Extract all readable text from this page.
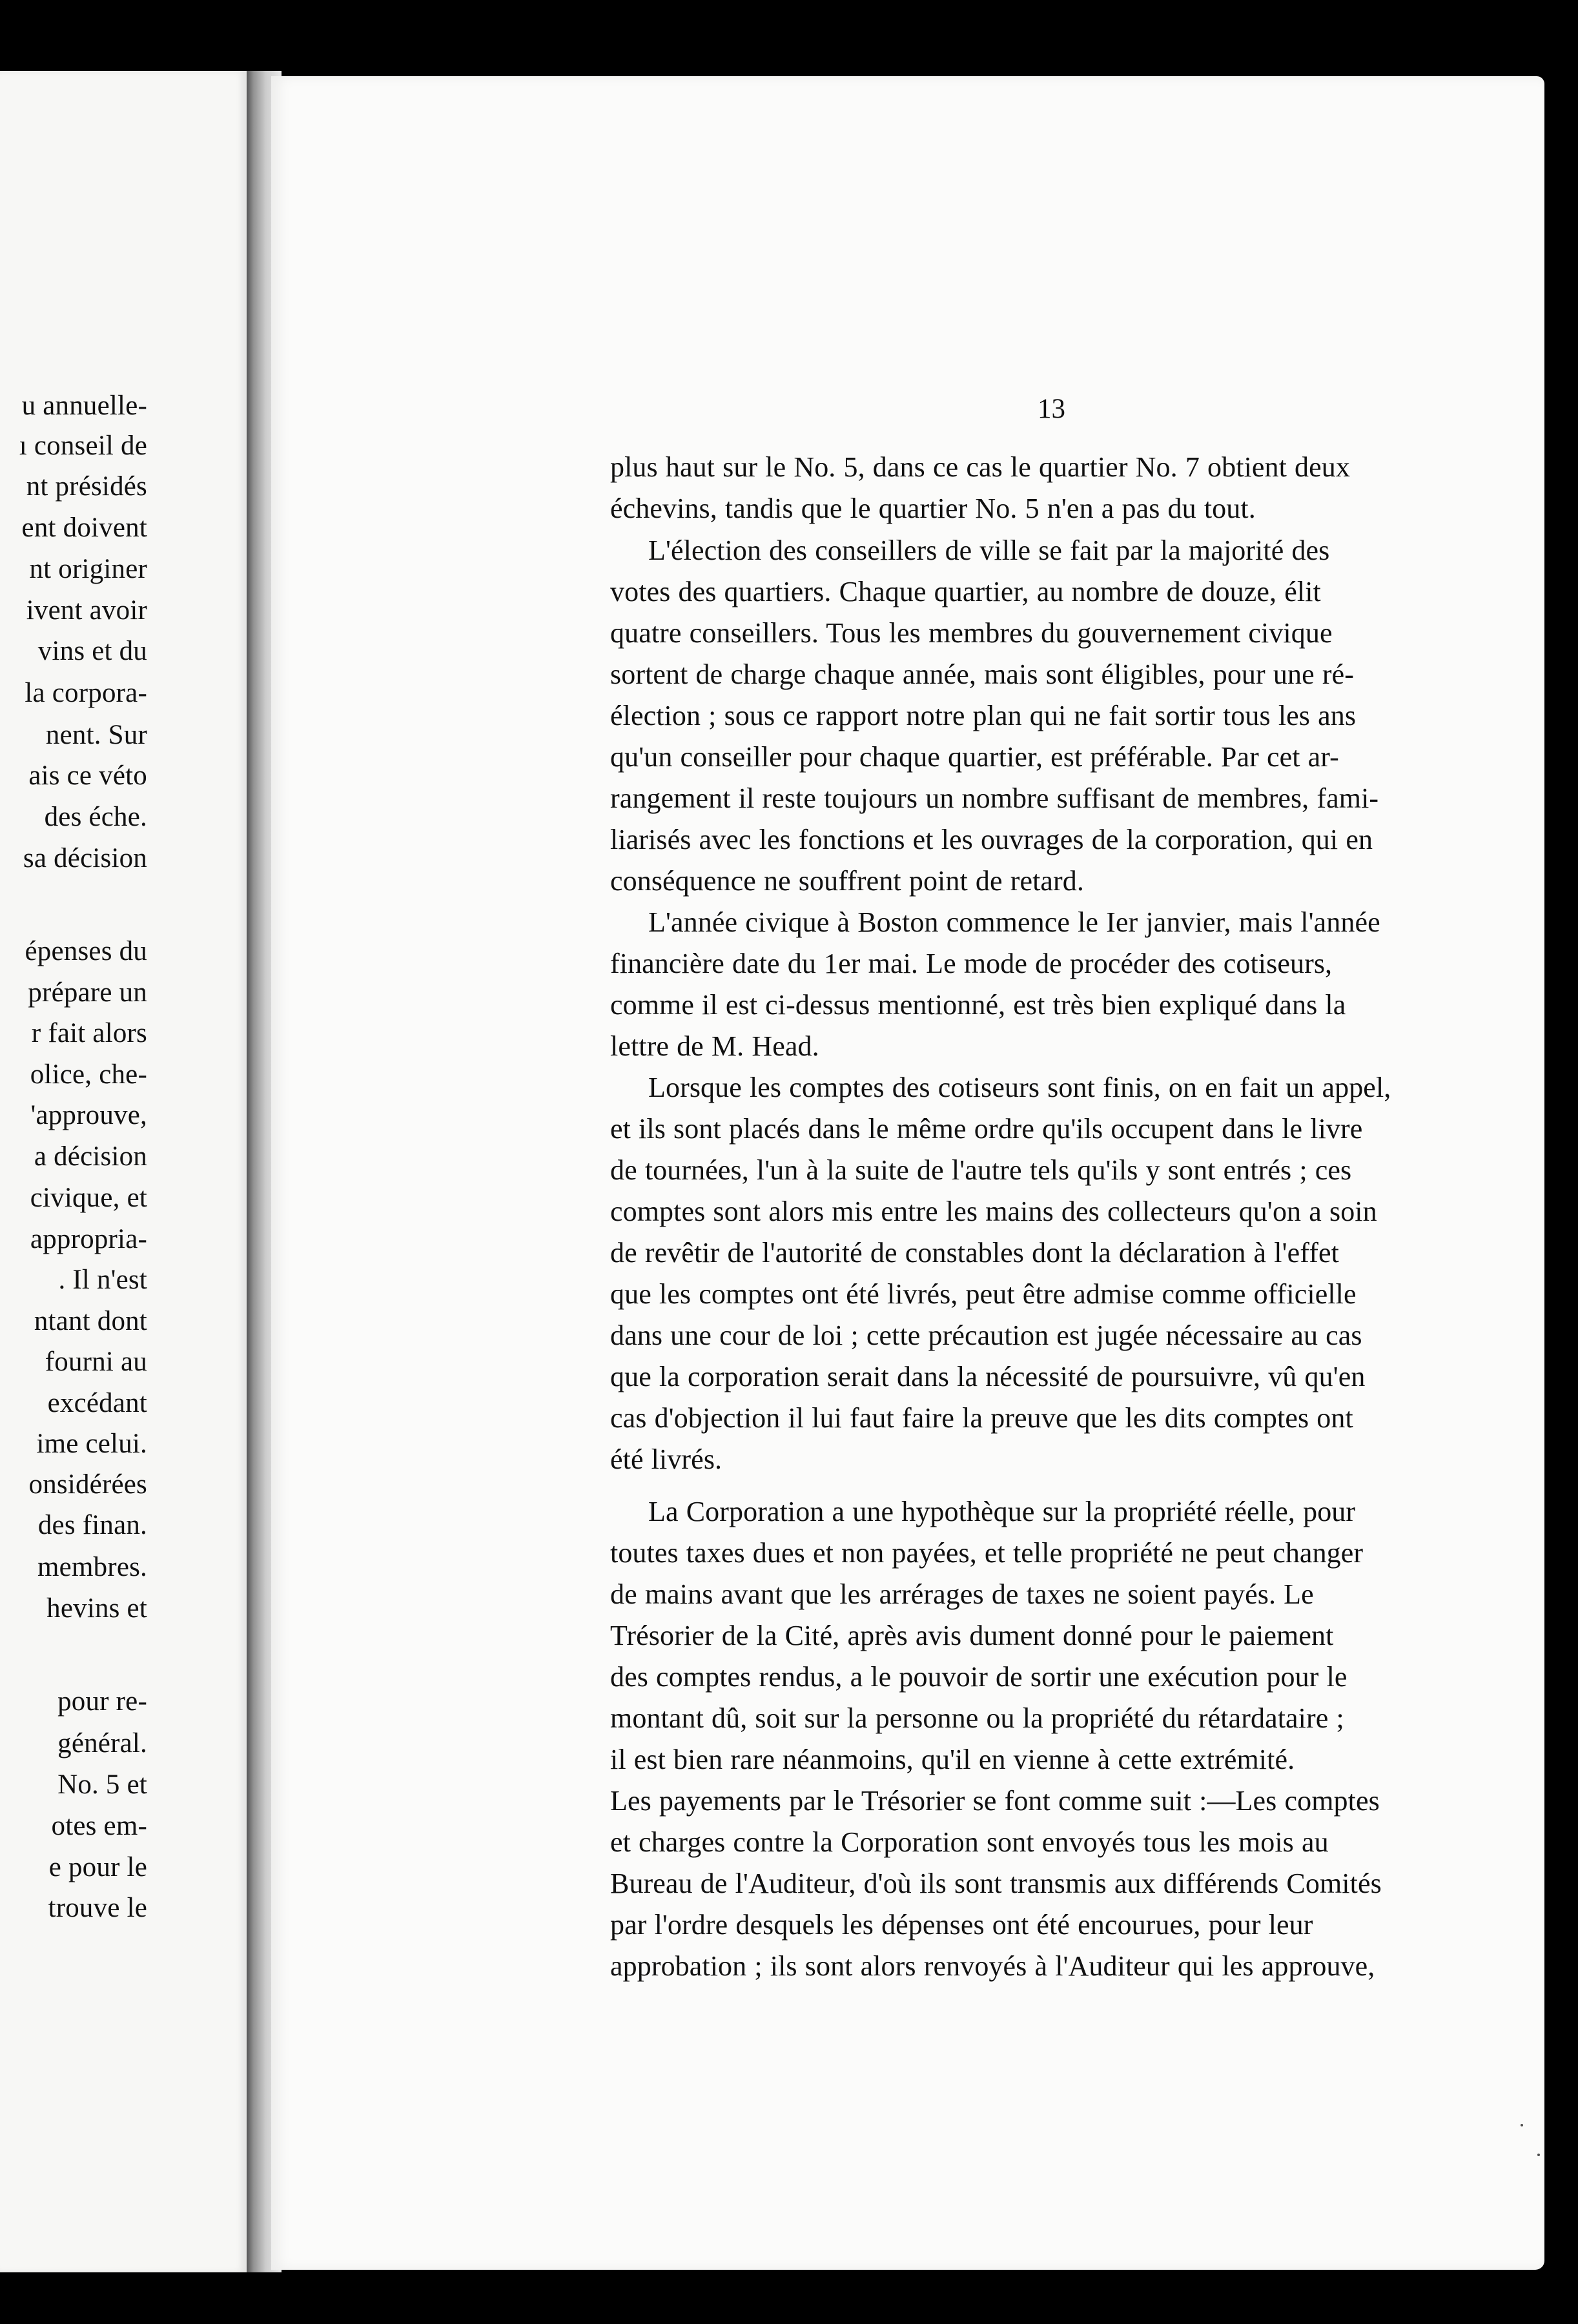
u annuelle-
ı conseil de
nt présidés
ent doivent
nt originer
ivent avoir
vins et du
la corpora-
nent. Sur
ais ce véto
des éche.
sa décision
épenses du
prépare un
r fait alors
olice, che-
'approuve,
a décision
civique, et
appropria-
. Il n'est
ntant dont
fourni au
excédant
ime celui.
onsidérées
des finan.
membres.
hevins et
pour re-
général.
No. 5 et
otes em-
e pour le
trouve le
13
plus haut sur le No. 5, dans ce cas le quartier No. 7 obtient deux
échevins, tandis que le quartier No. 5 n'en a pas du tout.
L'élection des conseillers de ville se fait par la majorité des
votes des quartiers. Chaque quartier, au nombre de douze, élit
quatre conseillers. Tous les membres du gouvernement civique
sortent de charge chaque année, mais sont éligibles, pour une ré-
élection ; sous ce rapport notre plan qui ne fait sortir tous les ans
qu'un conseiller pour chaque quartier, est préférable. Par cet ar-
rangement il reste toujours un nombre suffisant de membres, fami-
liarisés avec les fonctions et les ouvrages de la corporation, qui en
conséquence ne souffrent point de retard.
L'année civique à Boston commence le Ier janvier, mais l'année
financière date du 1er mai. Le mode de procéder des cotiseurs,
comme il est ci-dessus mentionné, est très bien expliqué dans la
lettre de M. Head.
Lorsque les comptes des cotiseurs sont finis, on en fait un appel,
et ils sont placés dans le même ordre qu'ils occupent dans le livre
de tournées, l'un à la suite de l'autre tels qu'ils y sont entrés ; ces
comptes sont alors mis entre les mains des collecteurs qu'on a soin
de revêtir de l'autorité de constables dont la déclaration à l'effet
que les comptes ont été livrés, peut être admise comme officielle
dans une cour de loi ; cette précaution est jugée nécessaire au cas
que la corporation serait dans la nécessité de poursuivre, vû qu'en
cas d'objection il lui faut faire la preuve que les dits comptes ont
été livrés.
La Corporation a une hypothèque sur la propriété réelle, pour
toutes taxes dues et non payées, et telle propriété ne peut changer
de mains avant que les arrérages de taxes ne soient payés. Le
Trésorier de la Cité, après avis dument donné pour le paiement
des comptes rendus, a le pouvoir de sortir une exécution pour le
montant dû, soit sur la personne ou la propriété du rétardataire ;
il est bien rare néanmoins, qu'il en vienne à cette extrémité.
Les payements par le Trésorier se font comme suit :—Les comptes
et charges contre la Corporation sont envoyés tous les mois au
Bureau de l'Auditeur, d'où ils sont transmis aux différends Comités
par l'ordre desquels les dépenses ont été encourues, pour leur
approbation ; ils sont alors renvoyés à l'Auditeur qui les approuve,
